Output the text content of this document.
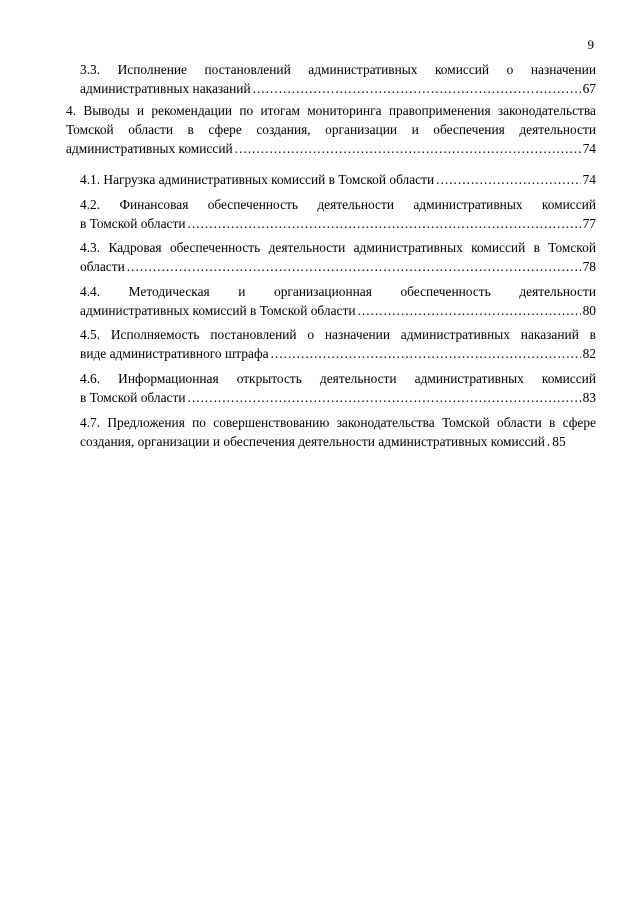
9
3.3. Исполнение постановлений административных комиссий о назначении
административных наказаний .....	67
4. Выводы и рекомендации по итогам мониторинга правоприменения законодательства
Томской области в сфере создания, организации и обеспечения деятельности
административных комиссий .....	74
4.1. Нагрузка административных комиссий в Томской области .....	74
4.2. Финансовая обеспеченность деятельности административных комиссий
в Томской области .....	77
4.3. Кадровая обеспеченность деятельности административных комиссий в Томской
области .....	78
4.4. Методическая и организационная обеспеченность деятельности
административных комиссий в Томской области .....	80
4.5. Исполняемость постановлений о назначении административных наказаний в
виде административного штрафа .....	82
4.6. Информационная открытость деятельности административных комиссий
в Томской области .....	83
4.7. Предложения по совершенствованию законодательства Томской области в сфере
создания, организации и обеспечения деятельности административных комиссий . 85
